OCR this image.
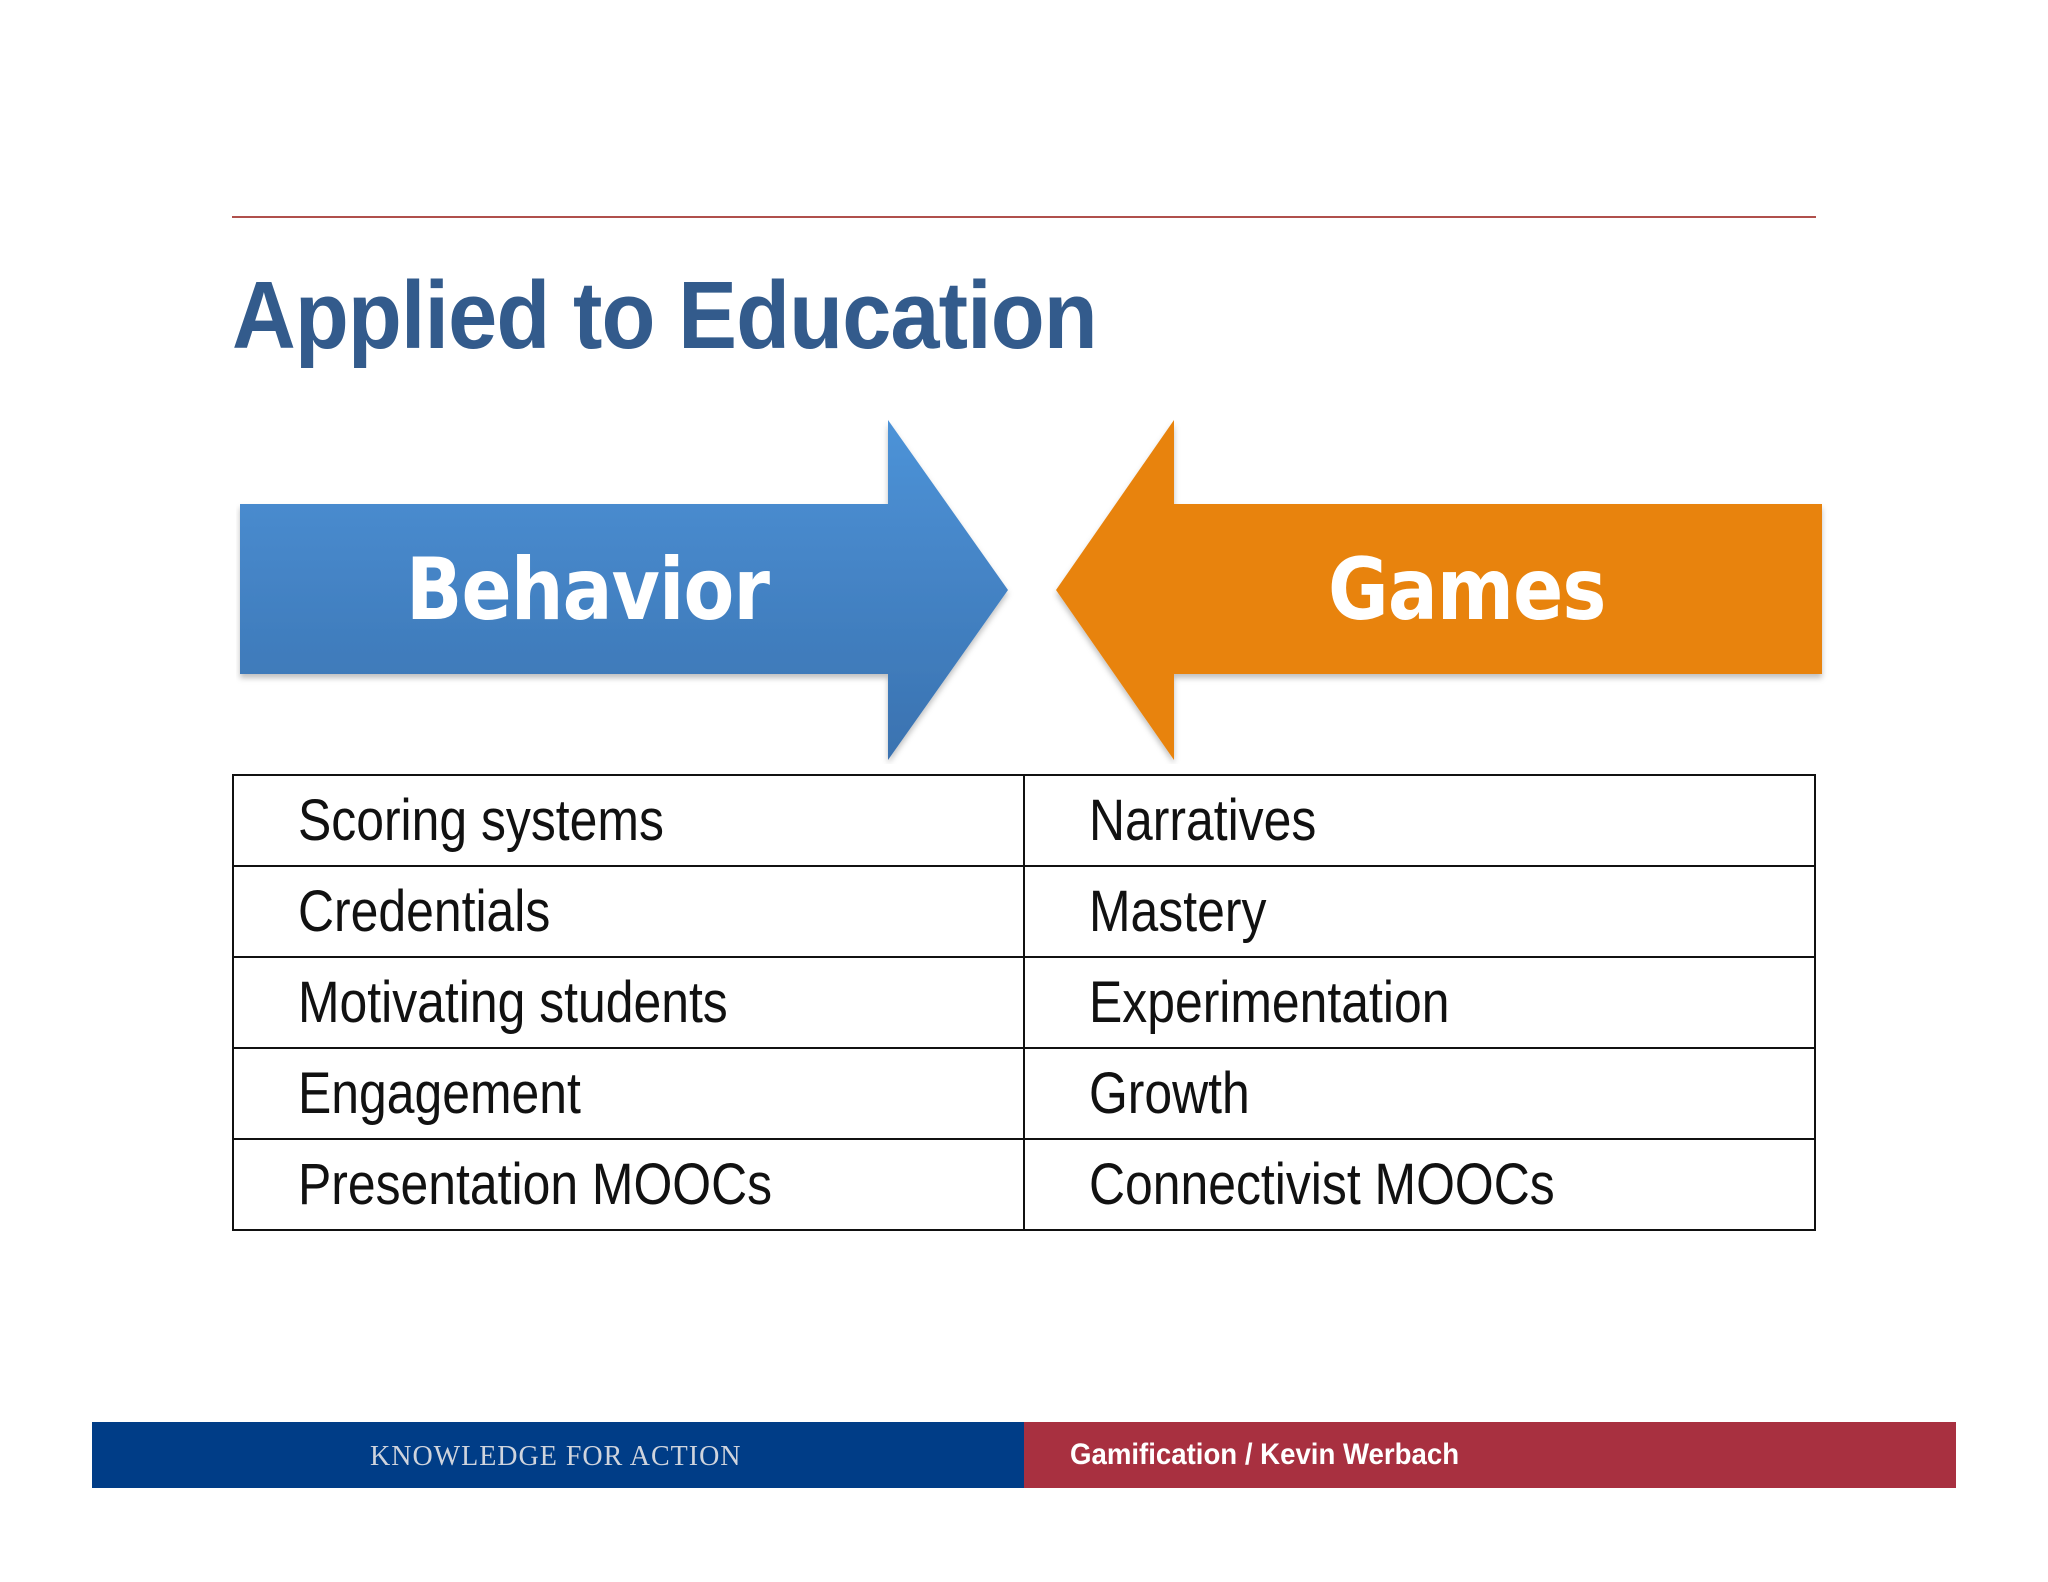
Applied to Education
Behavior	Games
Scoring systems	Narratives
Credentials	Mastery
Motivating students	Experimentation
Engagement	Growth
Presentation MOOCs	Connectivist MOOCs
KNOWLEDGE FOR ACTION	Gamification / Kevin Werbach
